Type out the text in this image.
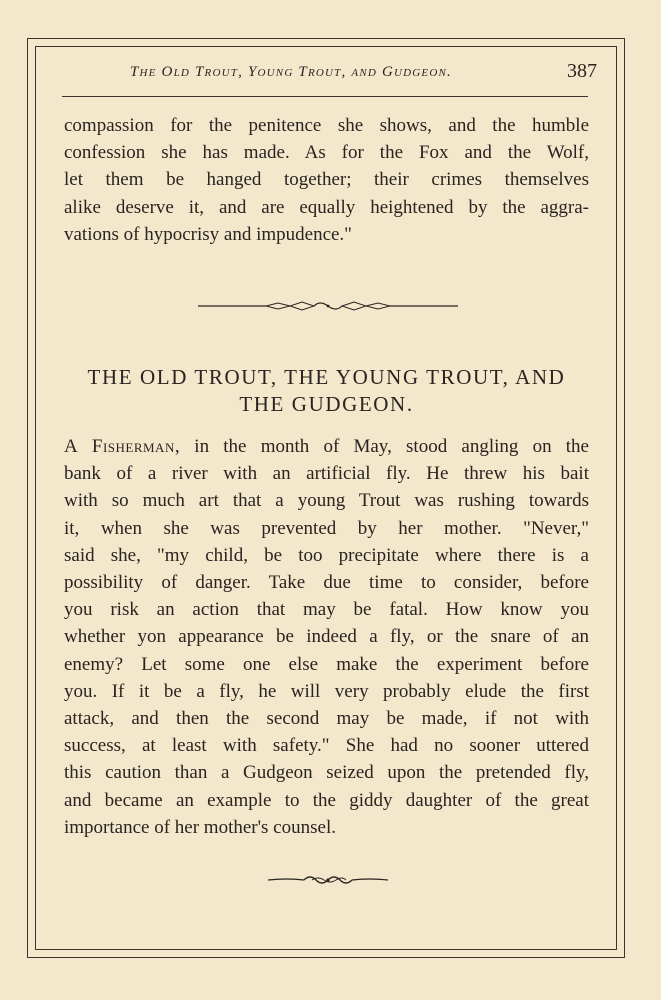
The Old Trout, Young Trout, and Gudgeon.	387
compassion for the penitence she shows, and the humble
confession she has made. As for the Fox and the Wolf,
let them be hanged together; their crimes themselves
alike deserve it, and are equally heightened by the aggra-
vations of hypocrisy and impudence."
THE OLD TROUT, THE YOUNG TROUT, AND
THE GUDGEON.
A Fisherman, in the month of May, stood angling on the
bank of a river with an artificial fly. He threw his bait
with so much art that a young Trout was rushing towards
it, when she was prevented by her mother. "Never,"
said she, "my child, be too precipitate where there is a
possibility of danger. Take due time to consider, before
you risk an action that may be fatal. How know you
whether yon appearance be indeed a fly, or the snare of an
enemy? Let some one else make the experiment before
you. If it be a fly, he will very probably elude the first
attack, and then the second may be made, if not with
success, at least with safety." She had no sooner uttered
this caution than a Gudgeon seized upon the pretended fly,
and became an example to the giddy daughter of the great
importance of her mother's counsel.
